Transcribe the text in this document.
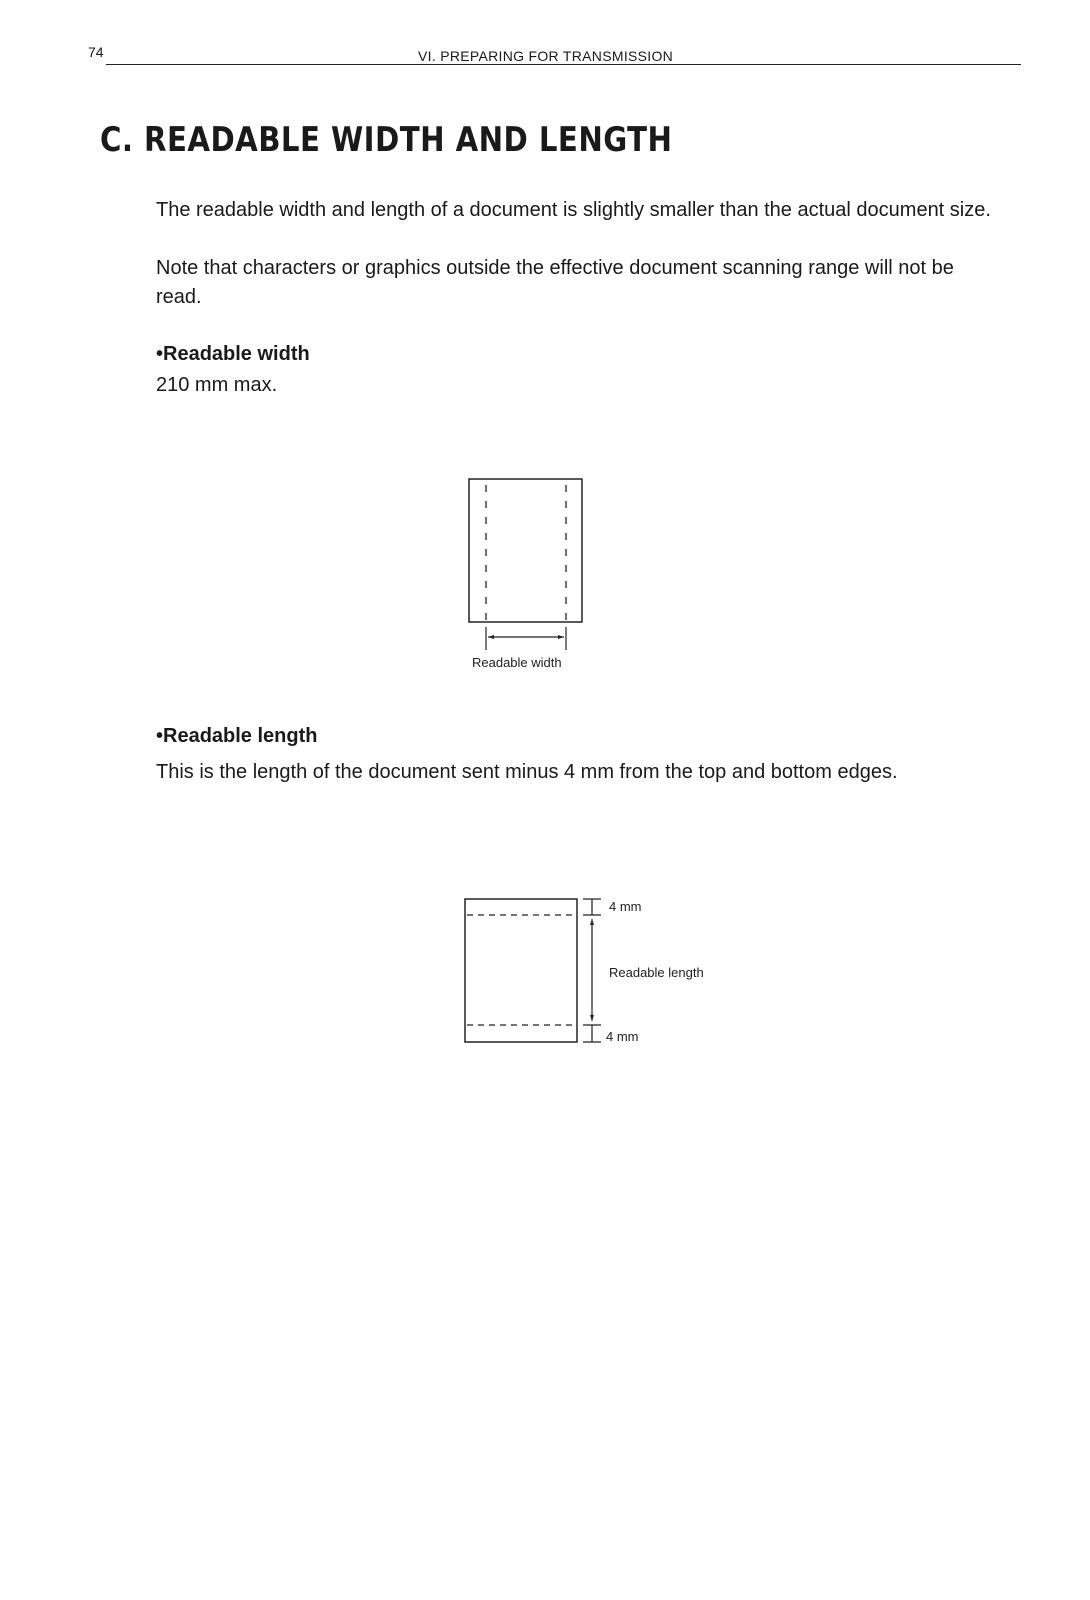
74	VI. PREPARING FOR TRANSMISSION
C. READABLE WIDTH AND LENGTH

The readable width and length of a document is slightly smaller than the actual document size.

Note that characters or graphics outside the effective document scanning range will not be read.

•Readable width

210 mm max.

•Readable length

This is the length of the document sent minus 4 mm from the top and bottom edges.

Readable width
4 mm
Readable length
4 mm
